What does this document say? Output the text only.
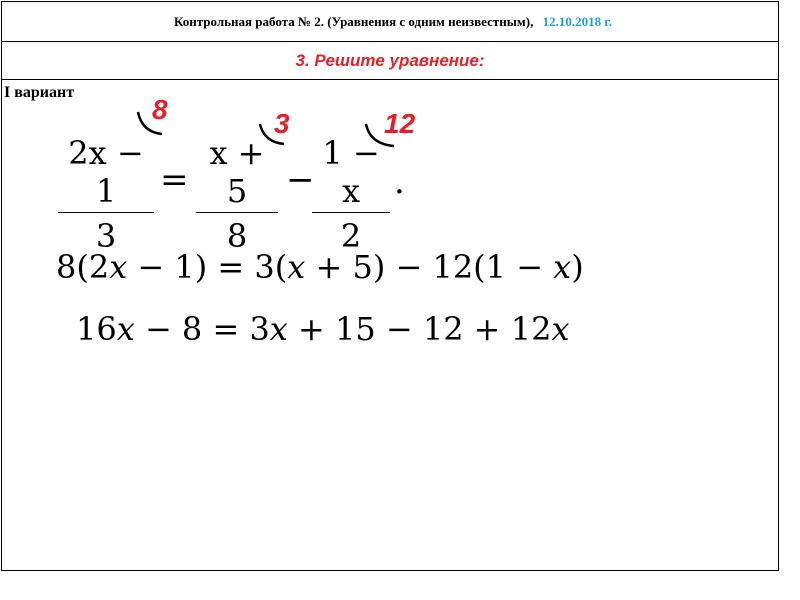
Контрольная работа № 2. (Уравнения с одним неизвестным), 12.10.2018 г.
3. Решите уравнение:
I вариант
8	3	12
2x − 1
3
=
x + 5
8
−
1 − x
2
.
8(2x − 1) = 3(x + 5) − 12(1 − x)
16x − 8 = 3x + 15 − 12 + 12x
